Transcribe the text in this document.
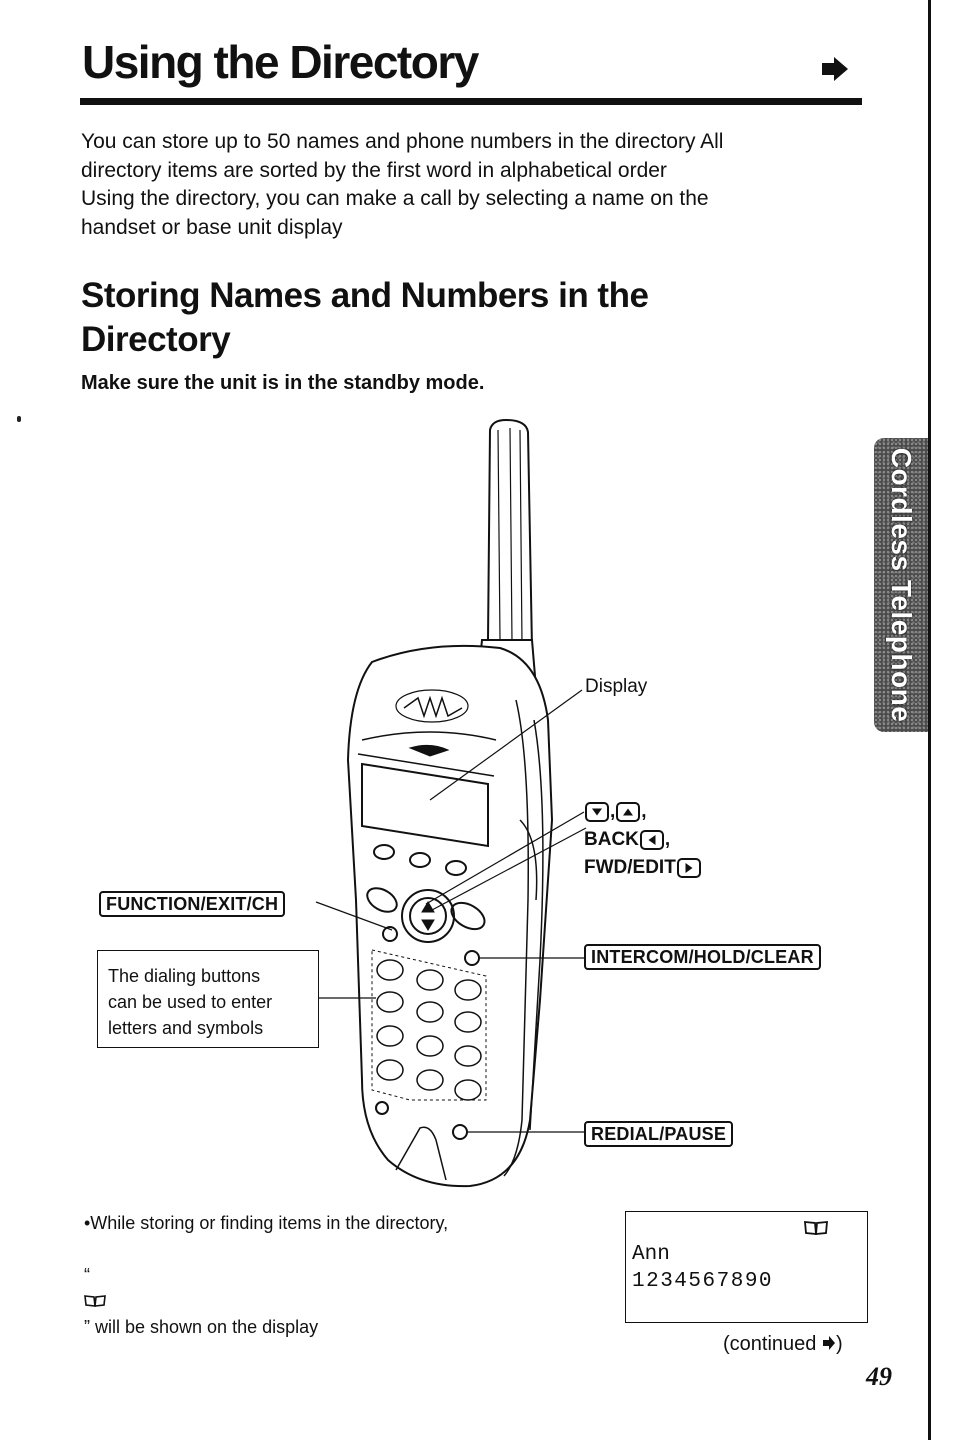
Using the Directory

You can store up to 50 names and phone numbers in the directory All
directory items are sorted by the first word in alphabetical order
Using the directory, you can make a call by selecting a name on the
handset or base unit display

Storing Names and Numbers in the Directory

Make sure the unit is in the standby mode.

Cordless Telephone
Display
, ,
BACK ,
FWD/EDIT
FUNCTION/EXIT/CH
INTERCOM/HOLD/CLEAR
REDIAL/PAUSE
The dialing buttons
can be used to enter
letters and symbols
•While storing or finding items in the directory,

“
” will be shown on the display
Ann
1234567890
(continued )
49
